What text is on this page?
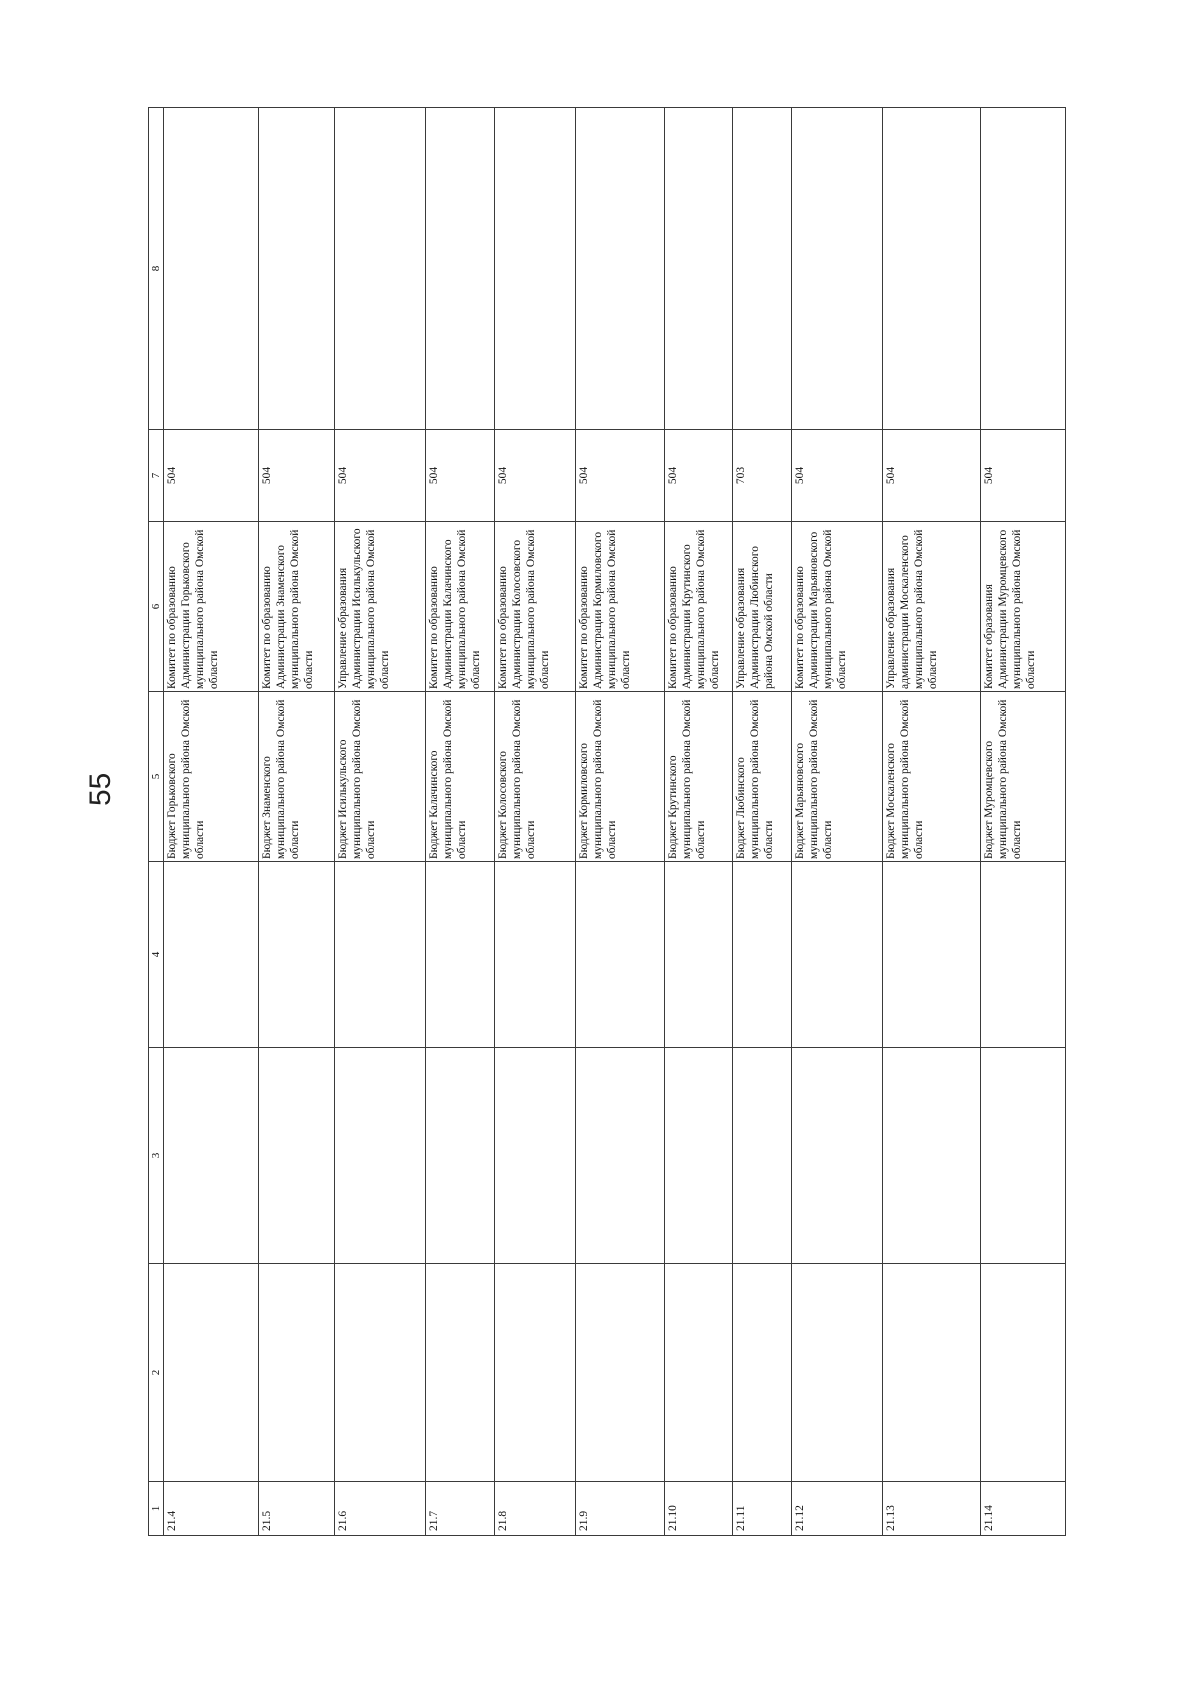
55
1	2	3	4	5	6	7	8
21.4				Бюджет Горьковского муниципального района Омской области	Комитет по образованию Администрации Горьковского муниципального района Омской области	504	
21.5				Бюджет Знаменского муниципального района Омской области	Комитет по образованию Администрации Знаменского муниципального района Омской области	504	
21.6				Бюджет Исилькульского муниципального района Омской области	Управление образования Администрации Исилькульского муниципального района Омской области	504	
21.7				Бюджет Калачинского муниципального района Омской области	Комитет по образованию Администрации Калачинского муниципального района Омской области	504	
21.8				Бюджет Колосовского муниципального района Омской области	Комитет по образованию Администрации Колосовского муниципального района Омской области	504	
21.9				Бюджет Кормиловского муниципального района Омской области	Комитет по образованию Администрации Кормиловского муниципального района Омской области	504	
21.10				Бюджет Крутинского муниципального района Омской области	Комитет по образованию Администрации Крутинского муниципального района Омской области	504	
21.11				Бюджет Любинского муниципального района Омской области	Управление образования Администрации Любинского района Омской области	703	
21.12				Бюджет Марьяновского муниципального района Омской области	Комитет по образованию Администрации Марьяновского муниципального района Омской области	504	
21.13				Бюджет Москаленского муниципального района Омской области	Управление образования администрации Москаленского муниципального района Омской области	504	
21.14				Бюджет Муромцевского муниципального района Омской области	Комитет образования Администрации Муромцевского муниципального района Омской области	504	
